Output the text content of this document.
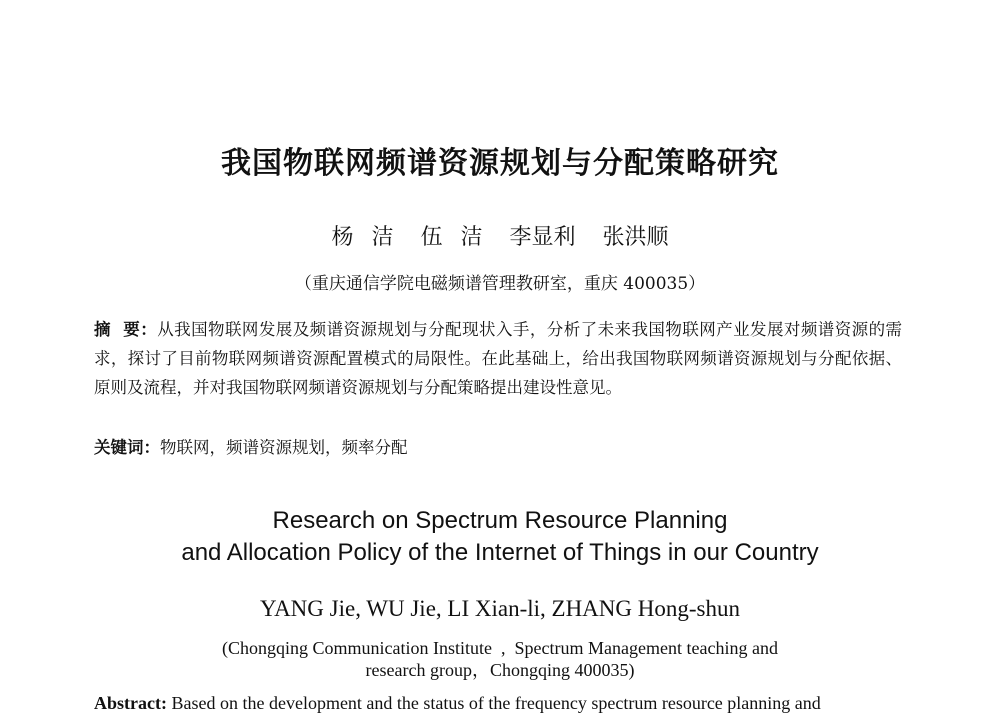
我国物联网频谱资源规划与分配策略研究
杨  洁   伍  洁   李显利   张洪顺
（重庆通信学院电磁频谱管理教研室，重庆 400035）
摘  要：从我国物联网发展及频谱资源规划与分配现状入手，分析了未来我国物联网产业发展对频谱资源的需求，探讨了目前物联网频谱资源配置模式的局限性。在此基础上，给出我国物联网频谱资源规划与分配依据、原则及流程，并对我国物联网频谱资源规划与分配策略提出建设性意见。
关键词：物联网，频谱资源规划，频率分配
Research on Spectrum Resource Planning
and Allocation Policy of the Internet of Things in our Country
YANG Jie, WU Jie, LI Xian-li, ZHANG Hong-shun
(Chongqing Communication Institute  ,  Spectrum Management teaching and
research group，Chongqing 400035)
Abstract: Based on the development and the status of the frequency spectrum resource planning and
